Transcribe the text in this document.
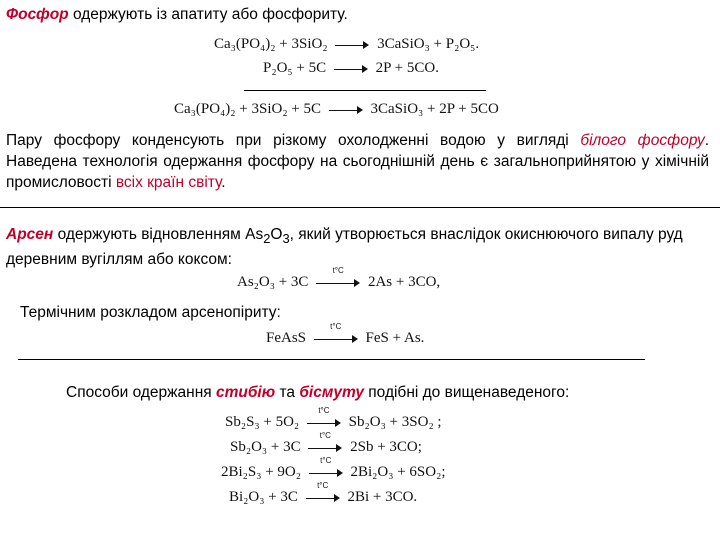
Фосфор одержують із апатиту або фосфориту.
Ca₃(PO₄)₂ + 3SiO₂	3CaSiO₃ + P₂O₅.
P₂O₅ + 5C	2P + 5CO.
Ca₃(PO₄)₂ + 3SiO₂ + 5C	3CaSiO₃ + 2P + 5CO
Пару фосфору конденсують при різкому охолодженні водою у вигляді білого фосфору. Наведена технологія одержання фосфору на сьогоднішній день є загальноприйнятою у хімічній промисловості всіх країн світу.
Арсен одержують відновленням $As_2O_3$, який утворюється внаслідок окиснюючого випалу руд деревним вугіллям або коксом:
As₂O₃ + 3C
t°C
2As + 3CO,
Термічним розкладом арсенопіриту:
FeAsS
t°C
FeS + As.
Способи одержання стибію та бісмуту подібні до вищенаведеного:
Sb₂S₃ + 5O₂
t°C
Sb₂O₃ + 3SO₂ ;
Sb₂O₃ + 3C
t°C
2Sb + 3CO;
2Bi₂S₃ + 9O₂
t°C
2Bi₂O₃ + 6SO₂;
Bi₂O₃ + 3C
t°C
2Bi + 3CO.
